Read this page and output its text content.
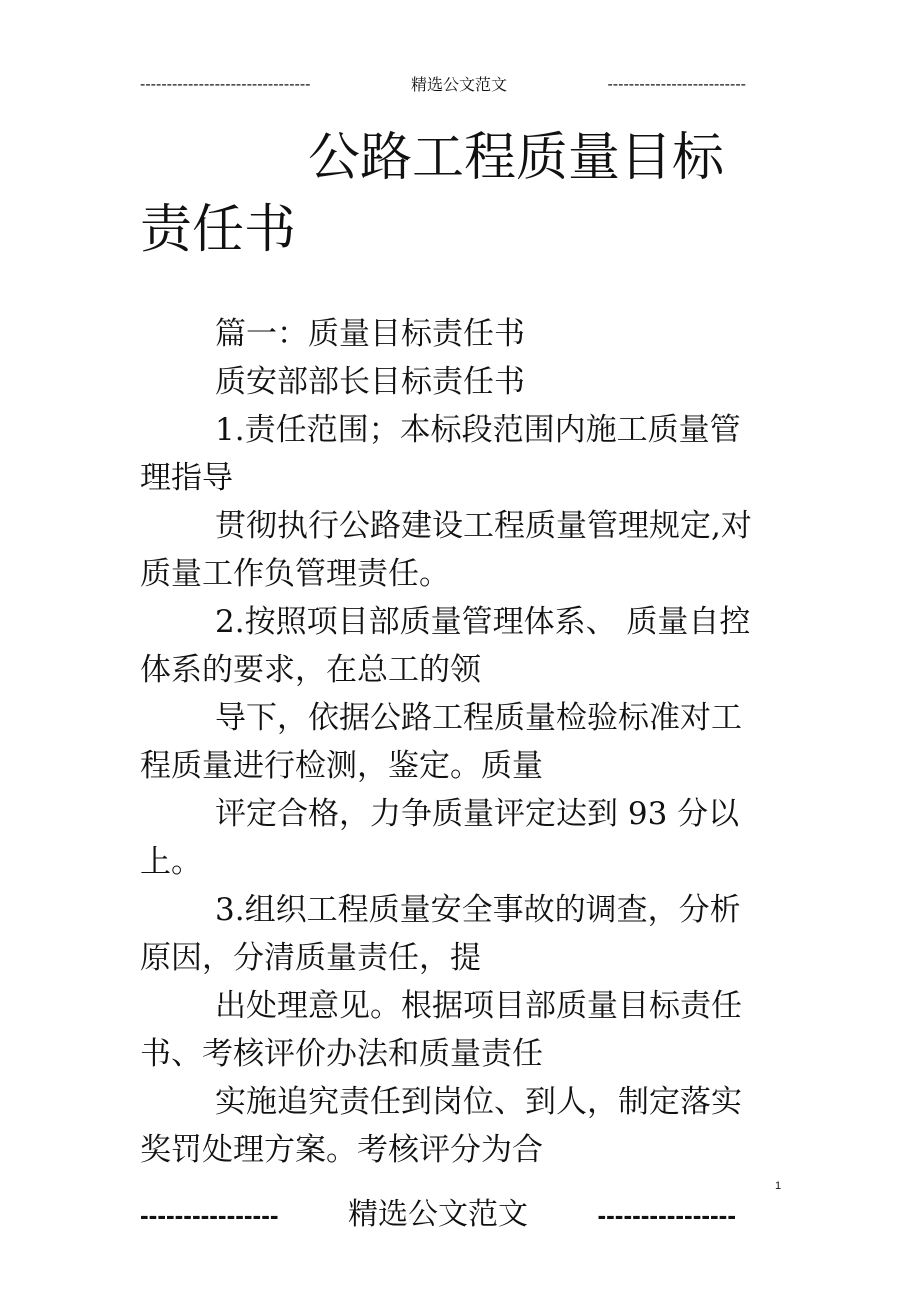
--------------------------------	精选公文范文	--------------------------
公路工程质量目标
责任书

篇一：质量目标责任书

质安部部长目标责任书

1.责任范围；本标段范围内施工质量管理指导

贯彻执行公路建设工程质量管理规定,对质量工作负管理责任。

2.按照项目部质量管理体系、 质量自控体系的要求，在总工的领

导下，依据公路工程质量检验标准对工程质量进行检测，鉴定。质量

评定合格，力争质量评定达到 93 分以上。

3.组织工程质量安全事故的调查，分析原因，分清质量责任，提

出处理意见。根据项目部质量目标责任书、考核评价办法和质量责任

实施追究责任到岗位、到人，制定落实奖罚处理方案。考核评分为合

1
---------------- 精选公文范文	----------------
